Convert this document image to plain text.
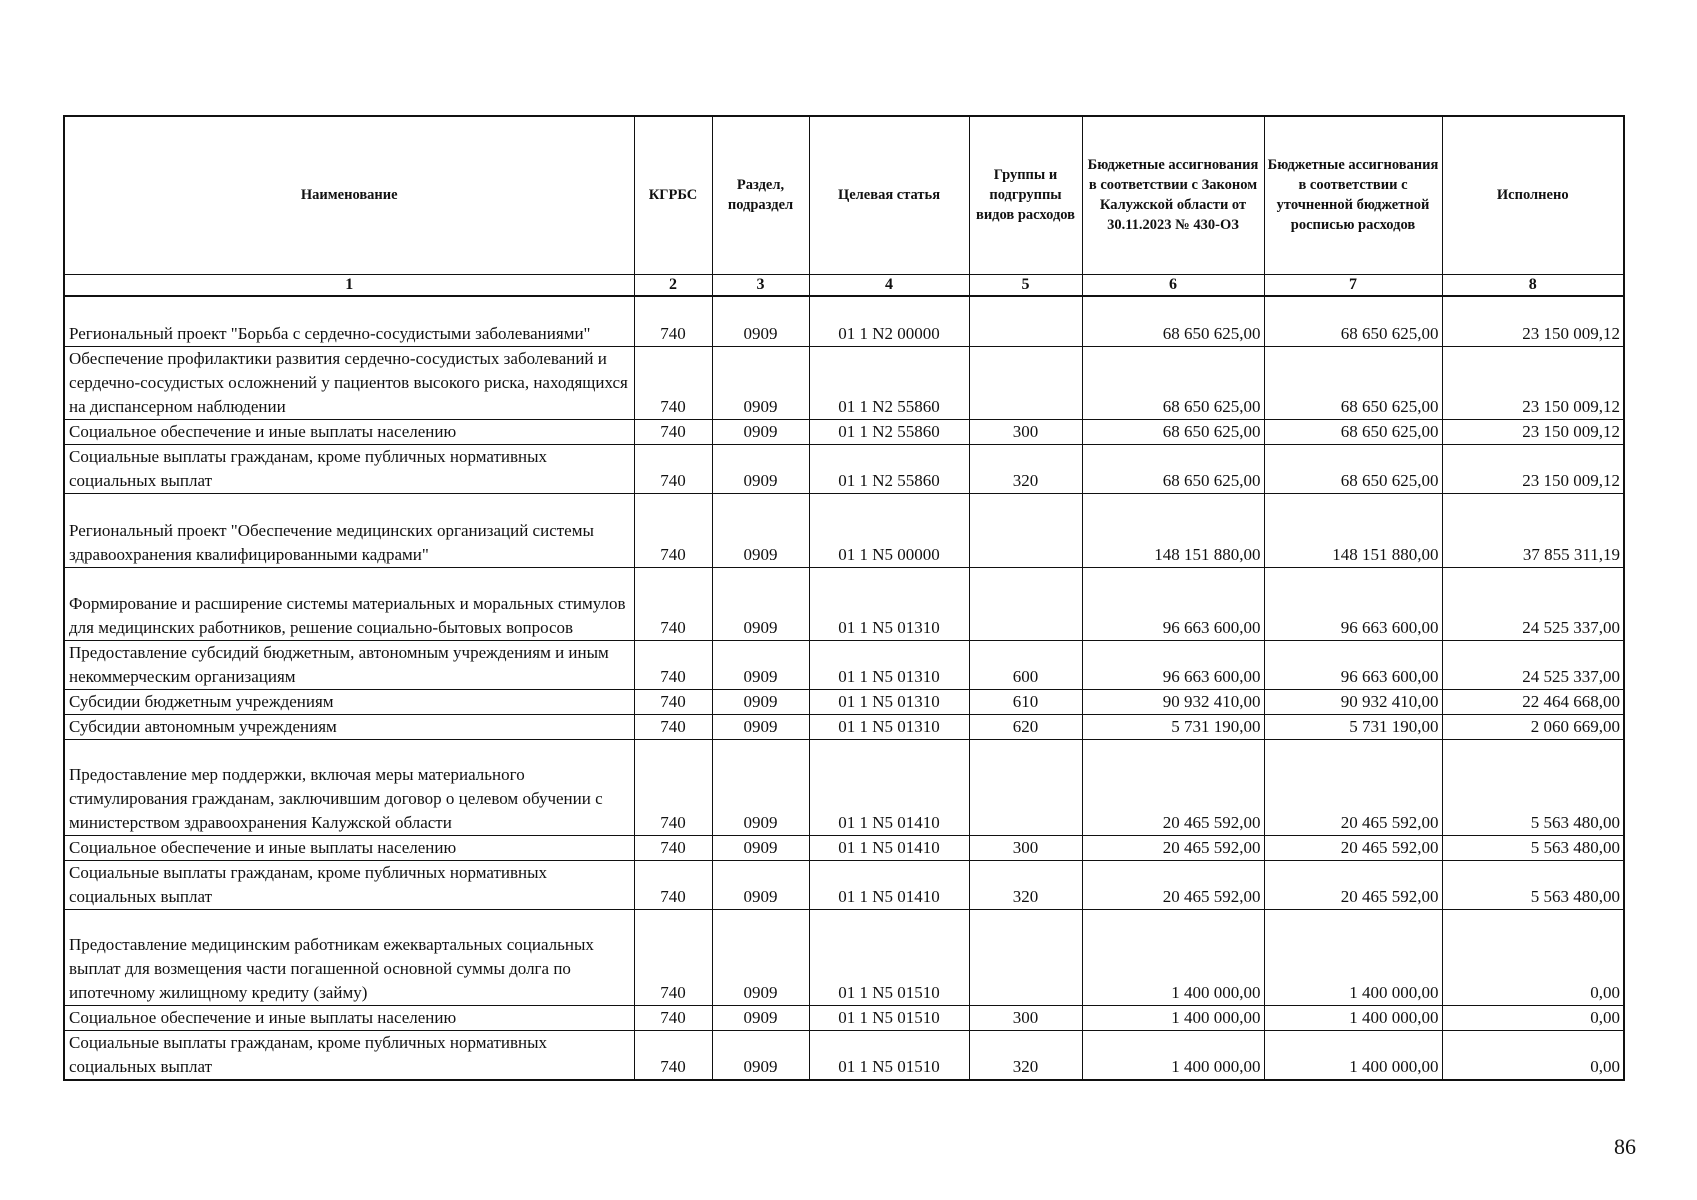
Наименование	КГРБС	Раздел, подраздел	Целевая статья	Группы и подгруппы видов расходов	Бюджетные ассигнования в соответствии с Законом Калужской области от 30.11.2023 № 430-ОЗ	Бюджетные ассигнования в соответствии с уточненной бюджетной росписью расходов	Исполнено
1	2	3	4	5	6	7	8
Региональный проект "Борьба с сердечно-сосудистыми заболеваниями"	740	0909	01 1 N2 00000		68 650 625,00	68 650 625,00	23 150 009,12
Обеспечение профилактики развития сердечно-сосудистых заболеваний и сердечно-сосудистых осложнений у пациентов высокого риска, находящихся на диспансерном наблюдении	740	0909	01 1 N2 55860		68 650 625,00	68 650 625,00	23 150 009,12
Социальное обеспечение и иные выплаты населению	740	0909	01 1 N2 55860	300	68 650 625,00	68 650 625,00	23 150 009,12
Социальные выплаты гражданам, кроме публичных нормативных социальных выплат	740	0909	01 1 N2 55860	320	68 650 625,00	68 650 625,00	23 150 009,12
Региональный проект "Обеспечение медицинских организаций системы здравоохранения квалифицированными кадрами"	740	0909	01 1 N5 00000		148 151 880,00	148 151 880,00	37 855 311,19
Формирование и расширение системы материальных и моральных стимулов для медицинских работников, решение социально-бытовых вопросов	740	0909	01 1 N5 01310		96 663 600,00	96 663 600,00	24 525 337,00
Предоставление субсидий бюджетным, автономным учреждениям и иным некоммерческим организациям	740	0909	01 1 N5 01310	600	96 663 600,00	96 663 600,00	24 525 337,00
Субсидии бюджетным учреждениям	740	0909	01 1 N5 01310	610	90 932 410,00	90 932 410,00	22 464 668,00
Субсидии автономным учреждениям	740	0909	01 1 N5 01310	620	5 731 190,00	5 731 190,00	2 060 669,00
Предоставление мер поддержки, включая меры материального стимулирования гражданам, заключившим договор о целевом обучении с министерством здравоохранения Калужской области	740	0909	01 1 N5 01410		20 465 592,00	20 465 592,00	5 563 480,00
Социальное обеспечение и иные выплаты населению	740	0909	01 1 N5 01410	300	20 465 592,00	20 465 592,00	5 563 480,00
Социальные выплаты гражданам, кроме публичных нормативных социальных выплат	740	0909	01 1 N5 01410	320	20 465 592,00	20 465 592,00	5 563 480,00
Предоставление медицинским работникам ежеквартальных социальных выплат для возмещения части погашенной основной суммы долга по ипотечному жилищному кредиту (займу)	740	0909	01 1 N5 01510		1 400 000,00	1 400 000,00	0,00
Социальное обеспечение и иные выплаты населению	740	0909	01 1 N5 01510	300	1 400 000,00	1 400 000,00	0,00
Социальные выплаты гражданам, кроме публичных нормативных социальных выплат	740	0909	01 1 N5 01510	320	1 400 000,00	1 400 000,00	0,00
86
